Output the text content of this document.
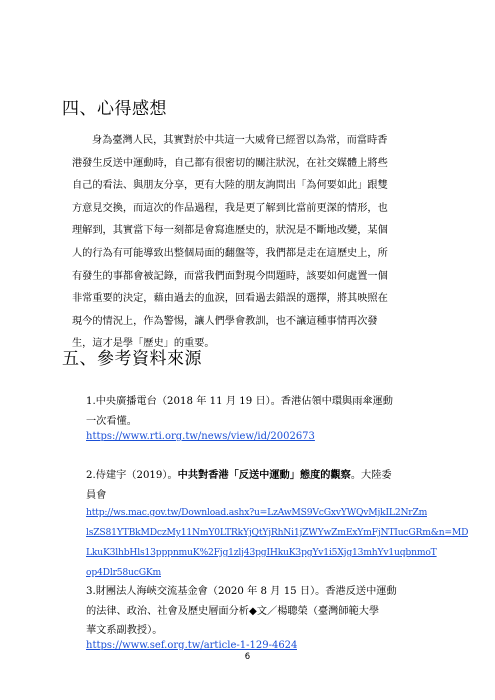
四、心得感想
身為臺灣人民，其實對於中共這一大威脅已經習以為常，而當時香
港發生反送中運動時，自己都有很密切的關注狀況，在社交媒體上將些
自己的看法、與朋友分享，更有大陸的朋友詢問出「為何要如此」跟雙
方意見交換，而這次的作品過程，我是更了解到比當前更深的情形，也
理解到，其實當下每一刻都是會寫進歷史的，狀況是不斷地改變，某個
人的行為有可能導致出整個局面的翻盤等，我們都是走在這歷史上，所
有發生的事都會被記錄，而當我們面對現今問題時，該要如何處置一個
非常重要的決定，藉由過去的血淚，回看過去錯誤的選擇，將其映照在
現今的情況上，作為警惕，讓人們學會教訓，也不讓這種事情再次發
生，這才是學「歷史」的重要。
五、參考資料來源
1.中央廣播電台（2018 年 11 月 19 日）。香港佔領中環與雨傘運動
一次看懂。
https://www.rti.org.tw/news/view/id/2002673
2.侍建宇（2019）。中共對香港「反送中運動」態度的觀察。大陸委
員會
http://ws.mac.gov.tw/Download.ashx?u=LzAwMS9VcGxvYWQvMjkIL2NrZm
lsZS81YTBkMDczMy11NmY0LTRkYjQtYjRhNi1jZWYwZmExYmFjNTIucGRm&n=MD
LkuK3lhbHls13pppnmuK%2Fjg1zlj43pgIHkuK3pgYv1i5Xjg13mhYv1uqbnmoT
op4Dlr58ucGKm
3.財團法人海峽交流基金會（2020 年 8 月 15 日）。香港反送中運動
的法律、政治、社會及歷史層面分析◆文／楊聰榮（臺灣師範大學
華文系副教授）。
https://www.sef.org.tw/article-1-129-4624
6
